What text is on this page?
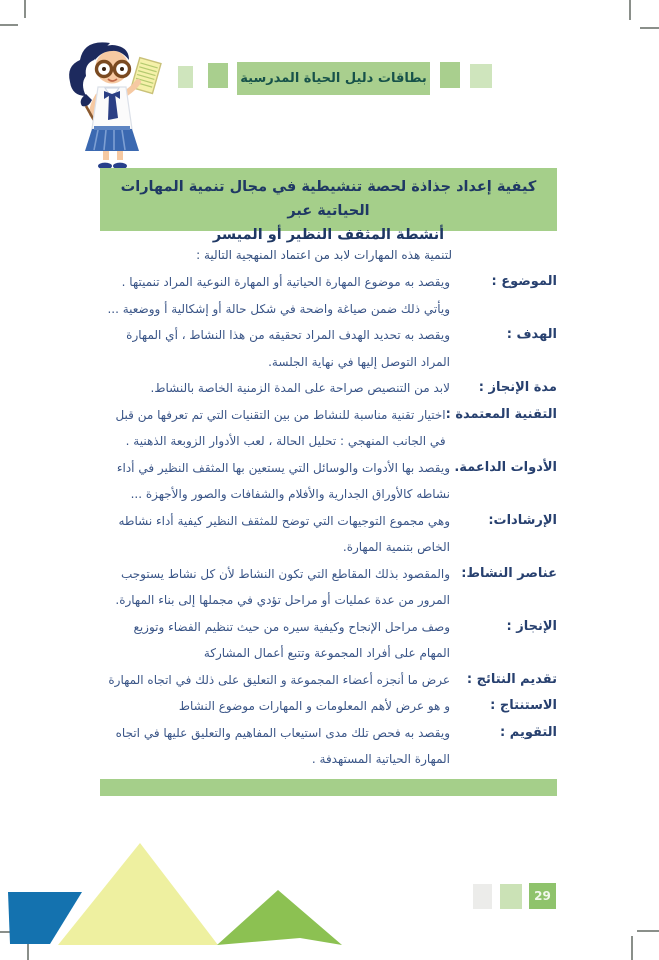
بطاقات دليل الحياة المدرسية
كيفية إعداد جذاذة لحصة تنشيطية في مجال تنمية المهارات الحياتية عبر
أنشطة المثقف النظير أو الميسر
لتنمية هذه المهارات لابد من اعتماد المنهجية التالية :
الموضوع :
ويقصد به موضوع المهارة الحياتية أو المهارة النوعية المراد تنميتها . ويأتي ذلك ضمن صياغة واضحة في شكل حالة أو إشكالية أ ووضعية ...
الهدف :
ويقصد به تحديد الهدف المراد تحقيقه من هذا النشاط ، أي المهارة المراد التوصل إليها في نهاية الجلسة.
مدة الإنجاز :
لابد من التنصيص صراحة على المدة الزمنية الخاصة بالنشاط.
التقنية المعتمدة :
اختيار تقنية مناسبة للنشاط من بين التقنيات التي تم تعرفها من قبل في الجانب المنهجي : تحليل الحالة ، لعب الأدوار الزوبعة الذهنية .
الأدوات الداعمة.
ويقصد بها الأدوات والوسائل التي يستعين بها المثقف النظير في أداء نشاطه كالأوراق الجدارية والأفلام والشفافات والصور والأجهزة ...
الإرشادات:
وهي مجموع التوجيهات التي توضح للمثقف النظير كيفية أداء نشاطه الخاص بتنمية المهارة.
عناصر النشاط:
والمقصود بذلك المقاطع التي تكون النشاط لأن كل نشاط يستوجب المرور من عدة عمليات أو مراحل تؤدي في مجملها إلى بناء المهارة.
الإنجاز :
وصف مراحل الإنجاح وكيفية سيره من حيث تنظيم الفضاء وتوزيع المهام على أفراد المجموعة وتتبع أعمال المشاركة
تقديم النتائج :
عرض ما أنجزه أعضاء المجموعة و التعليق على ذلك في اتجاه المهارة
الاستنتاج :
و هو عرض لأهم المعلومات و المهارات موضوع النشاط
التقويم :
ويقصد به فحص تلك مدى استيعاب المفاهيم والتعليق عليها في اتجاه المهارة الحياتية المستهدفة .
29
